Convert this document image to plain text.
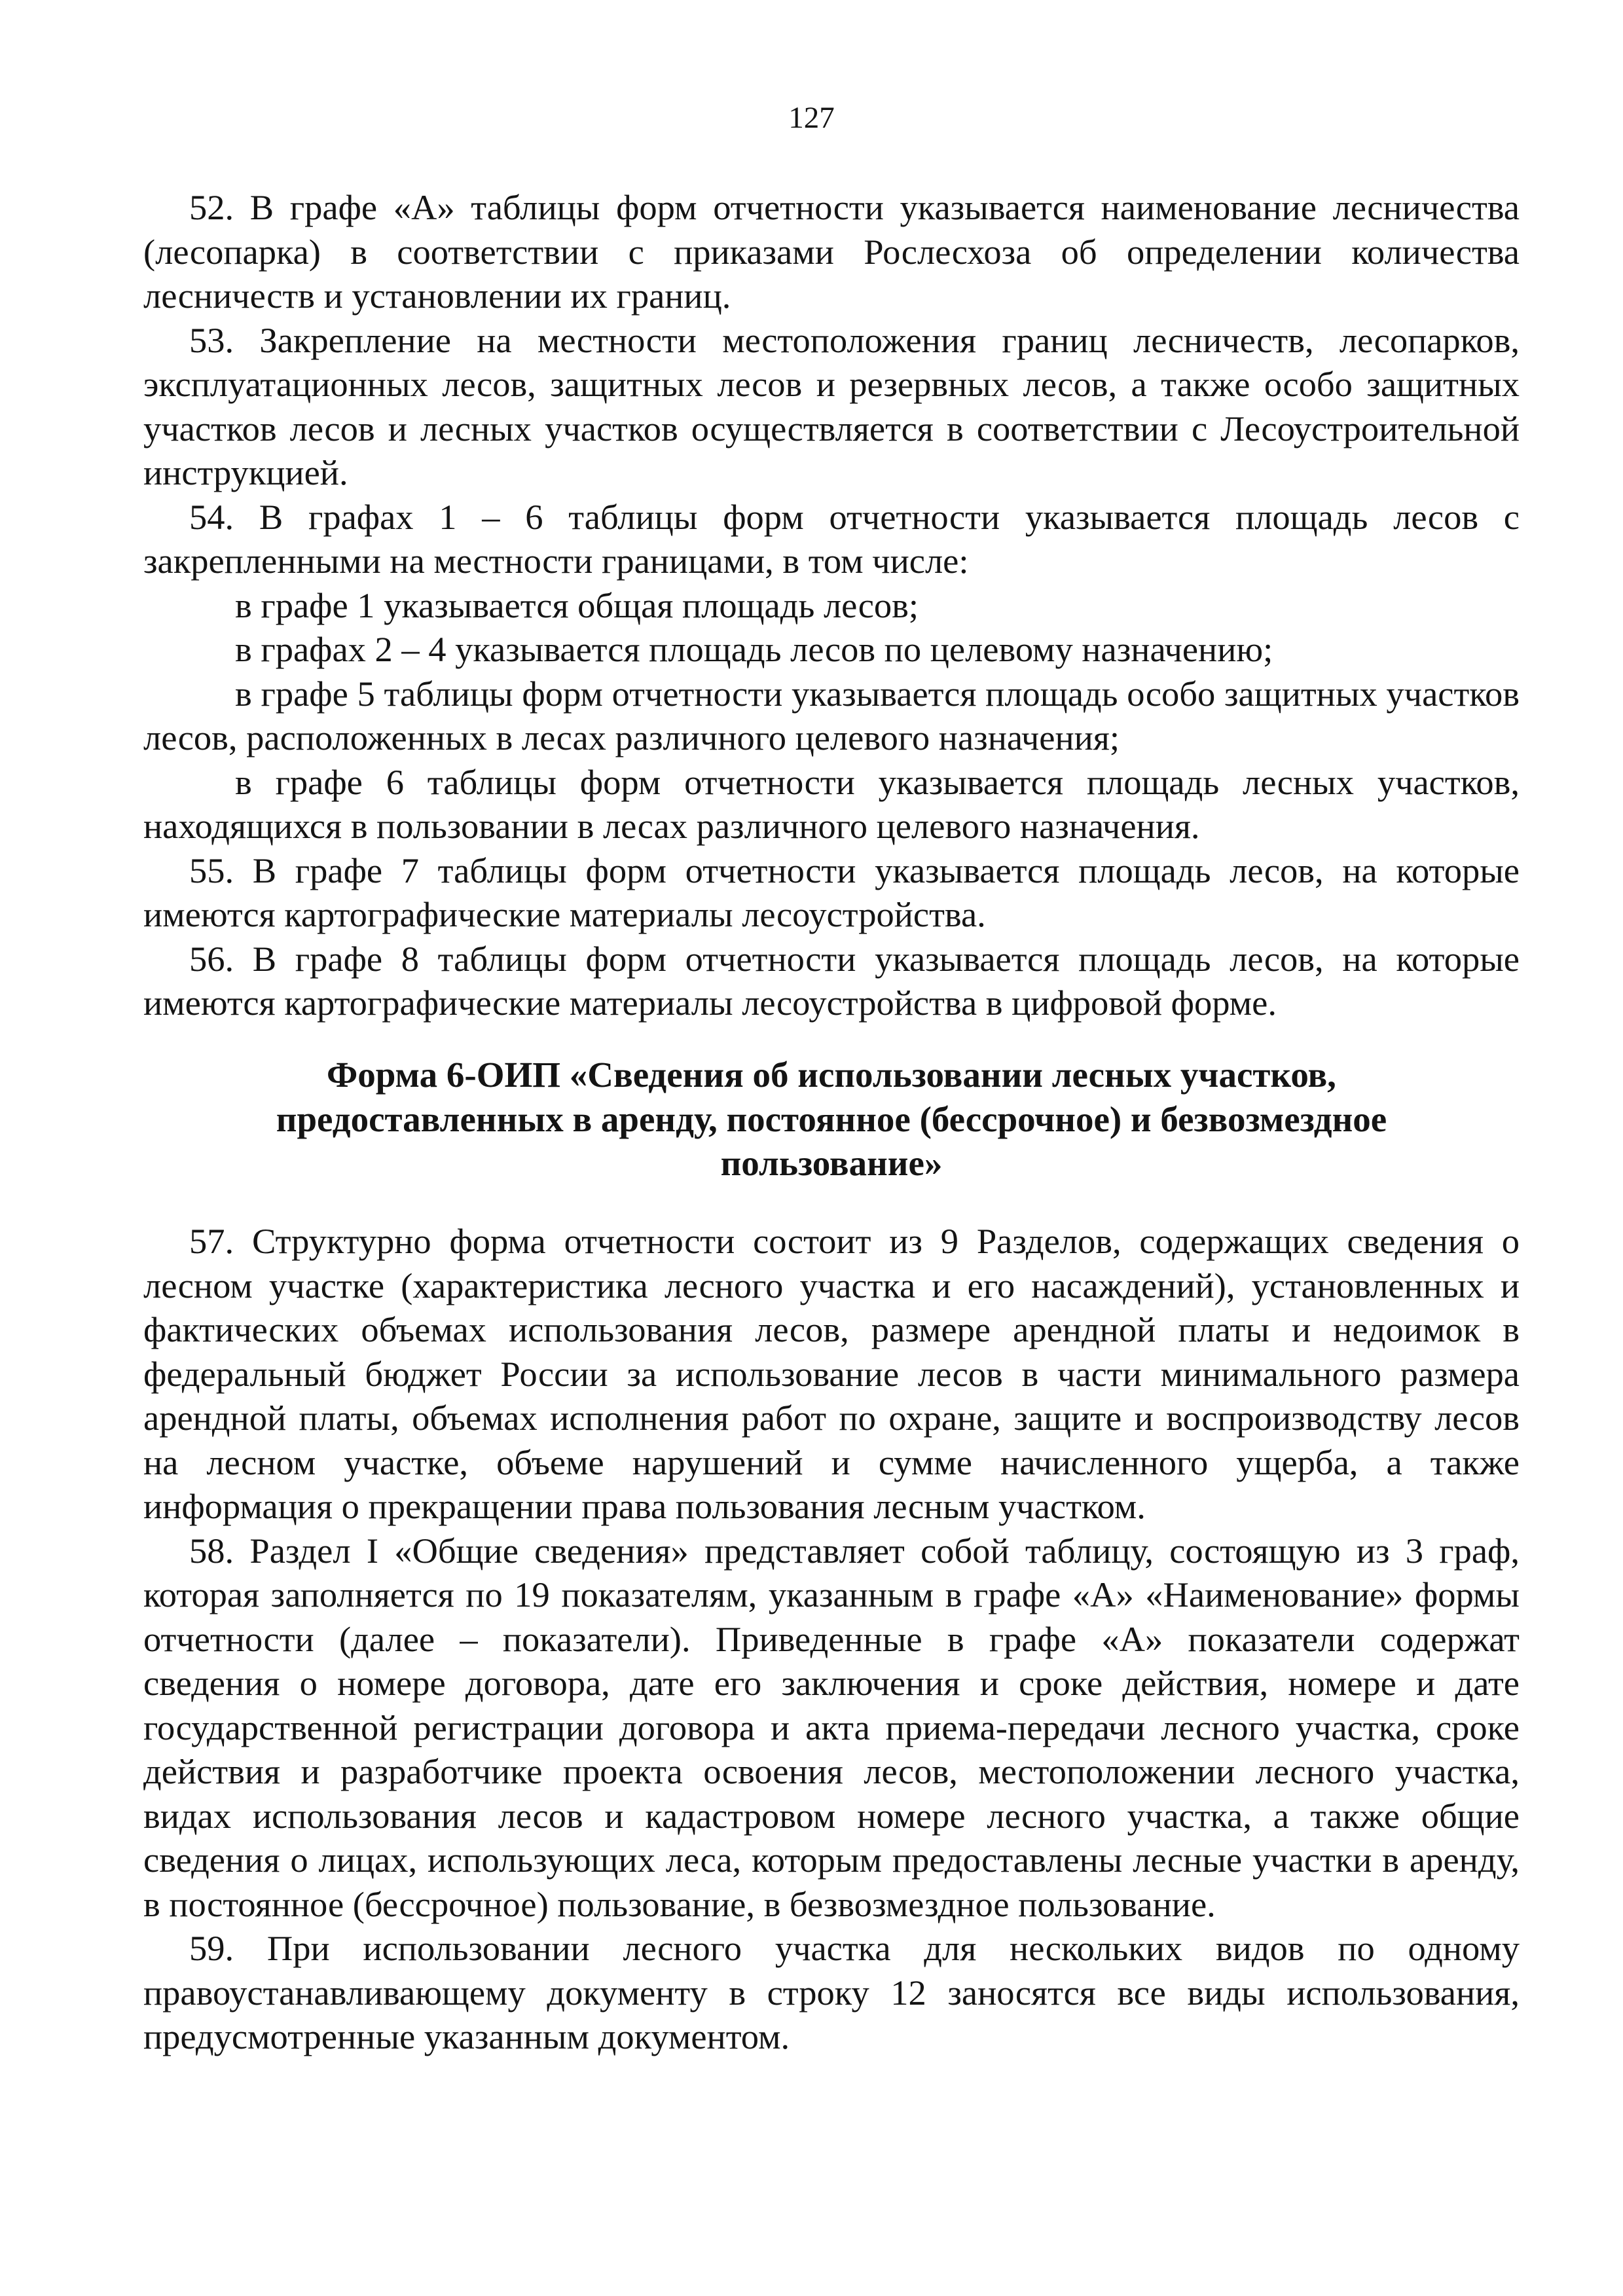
127

52. В графе «А» таблицы форм отчетности указывается наименование лесничества (лесопарка) в соответствии с приказами Рослесхоза об определении количества лесничеств и установлении их границ.

53. Закрепление на местности местоположения границ лесничеств, лесопарков, эксплуатационных лесов, защитных лесов и резервных лесов, а также особо защитных участков лесов и лесных участков осуществляется в соответствии с Лесоустроительной инструкцией.

54. В графах 1 – 6 таблицы форм отчетности указывается площадь лесов с закрепленными на местности границами, в том числе:

в графе 1 указывается общая площадь лесов;

в графах 2 – 4 указывается площадь лесов по целевому назначению;

в графе 5 таблицы форм отчетности указывается площадь особо защитных участков лесов, расположенных в лесах различного целевого назначения;

в графе 6 таблицы форм отчетности указывается площадь лесных участков, находящихся в пользовании в лесах различного целевого назначения.

55. В графе 7 таблицы форм отчетности указывается площадь лесов, на которые имеются картографические материалы лесоустройства.

56. В графе 8 таблицы форм отчетности указывается площадь лесов, на которые имеются картографические материалы лесоустройства в цифровой форме.

Форма 6-ОИП «Сведения об использовании лесных участков,
предоставленных в аренду, постоянное (бессрочное) и безвозмездное
пользование»

57. Структурно форма отчетности состоит из 9 Разделов, содержащих сведения о лесном участке (характеристика лесного участка и его насаждений), установленных и фактических объемах использования лесов, размере арендной платы и недоимок в федеральный бюджет России за использование лесов в части минимального размера арендной платы, объемах исполнения работ по охране, защите и воспроизводству лесов на лесном участке, объеме нарушений и сумме начисленного ущерба, а также информация о прекращении права пользования лесным участком.

58. Раздел I «Общие сведения» представляет собой таблицу, состоящую из 3 граф, которая заполняется по 19 показателям, указанным в графе «А» «Наименование» формы отчетности (далее – показатели). Приведенные в графе «А» показатели содержат сведения о номере договора, дате его заключения и сроке действия, номере и дате государственной регистрации договора и акта приема-передачи лесного участка, сроке действия и разработчике проекта освоения лесов, местоположении лесного участка, видах использования лесов и кадастровом номере лесного участка, а также общие сведения о лицах, использующих леса, которым предоставлены лесные участки в аренду, в постоянное (бессрочное) пользование, в безвозмездное пользование.

59. При использовании лесного участка для нескольких видов по одному правоустанавливающему документу в строку 12 заносятся все виды использования, предусмотренные указанным документом.
